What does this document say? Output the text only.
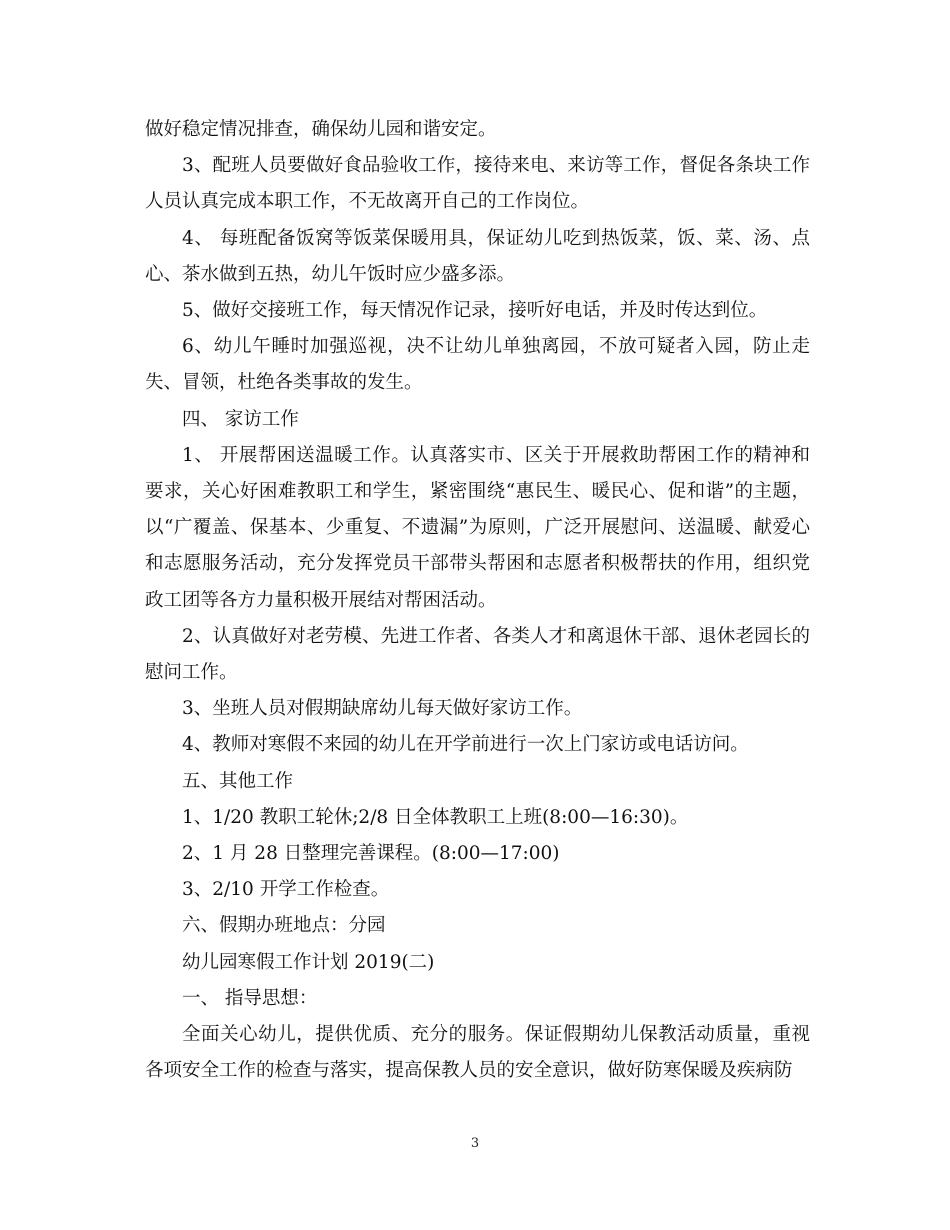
做好稳定情况排查，确保幼儿园和谐安定。

3、配班人员要做好食品验收工作，接待来电、来访等工作，督促各条块工作人员认真完成本职工作，不无故离开自己的工作岗位。

4、 每班配备饭窝等饭菜保暖用具，保证幼儿吃到热饭菜，饭、菜、汤、点心、茶水做到五热，幼儿午饭时应少盛多添。

5、做好交接班工作，每天情况作记录，接听好电话，并及时传达到位。

6、幼儿午睡时加强巡视，决不让幼儿单独离园，不放可疑者入园，防止走失、冒领，杜绝各类事故的发生。

四、 家访工作

1、 开展帮困送温暖工作。认真落实市、区关于开展救助帮困工作的精神和要求，关心好困难教职工和学生，紧密围绕“惠民生、暖民心、促和谐”的主题，以“广覆盖、保基本、少重复、不遗漏”为原则，广泛开展慰问、送温暖、献爱心和志愿服务活动，充分发挥党员干部带头帮困和志愿者积极帮扶的作用，组织党政工团等各方力量积极开展结对帮困活动。

2、认真做好对老劳模、先进工作者、各类人才和离退休干部、退休老园长的慰问工作。

3、坐班人员对假期缺席幼儿每天做好家访工作。

4、教师对寒假不来园的幼儿在开学前进行一次上门家访或电话访问。

五、其他工作

1、1/20 教职工轮休;2/8 日全体教职工上班(8:00—16:30)。

2、1 月 28 日整理完善课程。(8:00—17:00)

3、2/10 开学工作检查。

六、假期办班地点：分园

幼儿园寒假工作计划 2019(二)

一、 指导思想：

全面关心幼儿，提供优质、充分的服务。保证假期幼儿保教活动质量，重视各项安全工作的检查与落实，提高保教人员的安全意识，做好防寒保暖及疾病防

3
